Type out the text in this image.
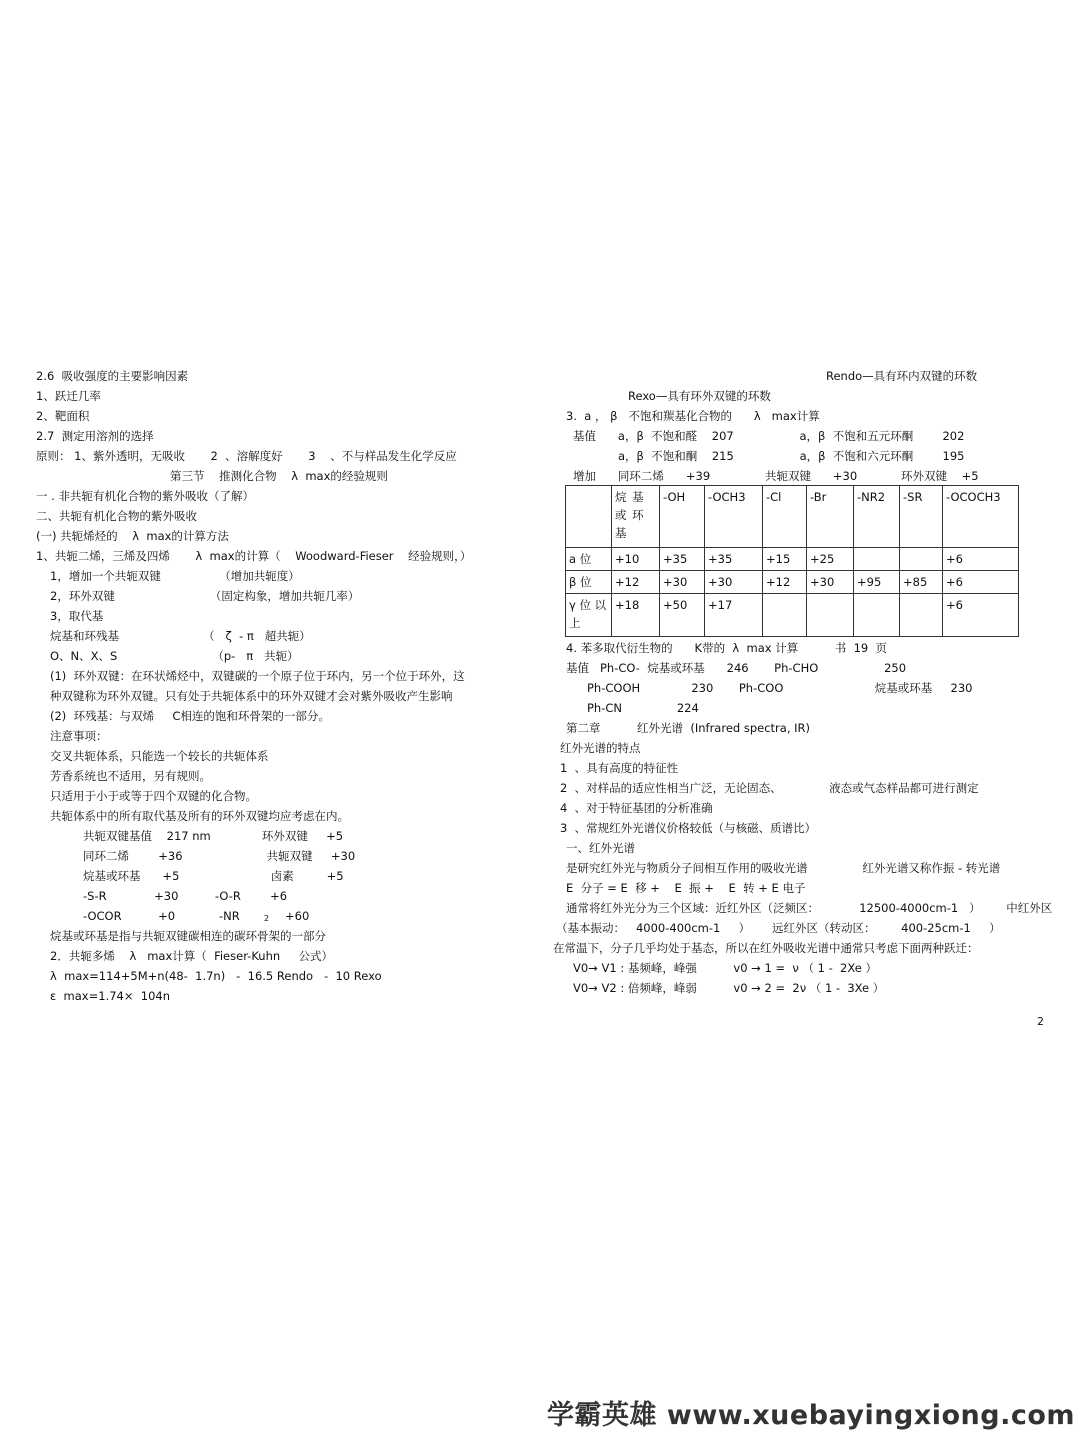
2.6  吸收强度的主要影响因素
1、跃迁几率
2、靶面积
2.7  测定用溶剂的选择
原则： 1、紫外透明，无吸收       2  、溶解度好       3    、不与样品发生化学反应
第三节    推测化合物    λ  max的经验规则
一 . 非共轭有机化合物的紫外吸收（了解）
二、共轭有机化合物的紫外吸收
(一) 共轭烯烃的    λ  max的计算方法
1、共轭二烯，三烯及四烯       λ  max的计算（    Woodward-Fieser    经验规则，）
1，增加一个共轭双键                （增加共轭度）
2，环外双键                          （固定构象，增加共轭几率）
3，取代基
烷基和环残基                       （   ζ  - π   超共轭）
O、N、X、S                          （p-   π   共轭）
(1)  环外双键：在环状烯烃中，双键碳的一个原子位于环内，另一个位于环外，这
种双键称为环外双键。只有处于共轭体系中的环外双键才会对紫外吸收产生影响
(2)  环残基：与双烯     C相连的饱和环骨架的一部分。
注意事项：
交叉共轭体系，只能选一个较长的共轭体系
芳香系统也不适用，另有规则。
只适用于小于或等于四个双键的化合物。
共轭体系中的所有取代基及所有的环外双键均应考虑在内。
共轭双键基值    217 nm              环外双键     +5
同环二烯        +36                       共轭双键     +30
烷基或环基      +5                         卤素         +5
-S-R             +30          -O-R        +6
-OCOR          +0            -NR	2 +60
烷基或环基是指与共轭双键碳相连的碳环骨架的一部分
2．共轭多烯    λ   max计算（  Fieser-Kuhn     公式）
λ  max=114+5M+n(48-  1.7n)   -  16.5 Rendo   -  10 Rexo
ε  max=1.74×  104n
Rendo—具有环内双键的环数
Rexo—具有环外双键的环数
3.  a ， β   不饱和羰基化合物的      λ   max计算
基值      a，β  不饱和醛    207                  a，β  不饱和五元环酮        202
a，β  不饱和酮    215                  a，β  不饱和六元环酮        195
增加      同环二烯      +39               共轭双键      +30            环外双键    +5
	烷 基 或 环 基	-OH	-OCH3	-Cl	-Br	-NR2	-SR	-OCOCH3
a 位	+10	+35	+35	+15	+25			+6
β 位	+12	+30	+30	+12	+30	+95	+85	+6
γ 位 以上	+18	+50	+17					+6
4. 苯多取代衍生物的      K带的  λ  max 计算          书  19  页
基值   Ph-CO-  烷基或环基      246       Ph-CHO                  250
Ph-COOH              230       Ph-COO                         烷基或环基     230
Ph-CN               224
第二章          红外光谱  (Infrared spectra, IR)
红外光谱的特点
1  、具有高度的特征性
2  、对样品的适应性相当广泛，无论固态、             液态或气态样品都可进行测定
4  、对于特征基团的分析准确
3  、常规红外光谱仪价格较低（与核磁、质谱比）
一、红外光谱
是研究红外光与物质分子间相互作用的吸收光谱               红外光谱又称作振 - 转光谱
E  分子 = E  移 +    E  振 +    E  转 + E 电子
通常将红外光分为三个区域：近红外区（泛频区：           12500-4000cm-1   ）       中红外区
（基本振动：   4000-400cm-1     ）      远红外区（转动区：       400-25cm-1     ）
在常温下，分子几乎均处于基态，所以在红外吸收光谱中通常只考虑下面两种跃迁：
V0→ V1 : 基频峰，峰强          v0 → 1 =  ν （ 1 -  2Xe ）
V0→ V2 : 倍频峰，峰弱          v0 → 2 =  2ν （ 1 -  3Xe ）
2
学霸英雄 www.xuebayingxiong.com
